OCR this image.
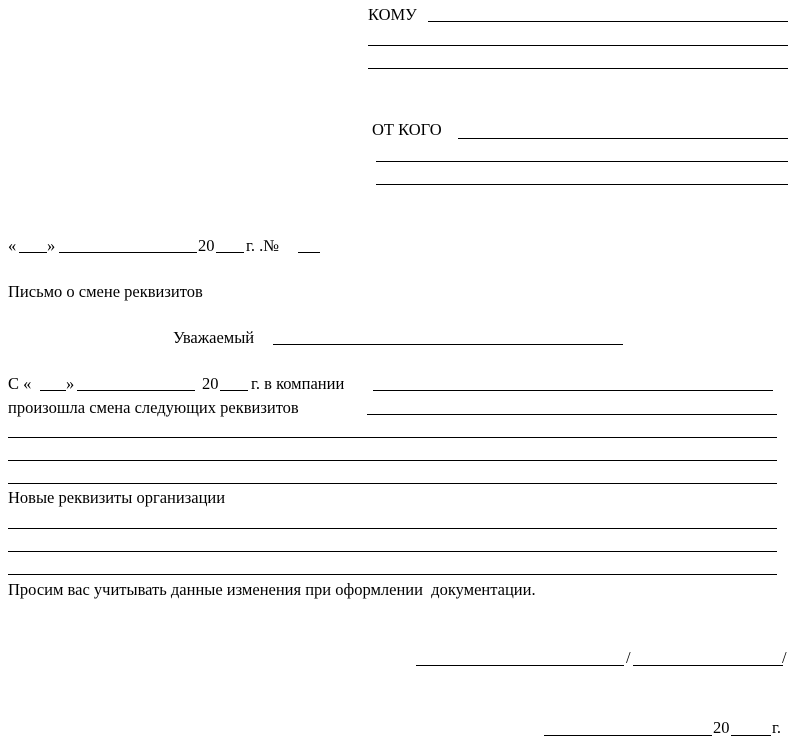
КОМУ
ОТ КОГО
« »	20 г. .№
Письмо о смене реквизитов
Уважаемый
С « »	20 г. в компании
произошла смена следующих реквизитов
Новые реквизиты организации
Просим вас учитывать данные изменения при оформлении  документации.
/	/
20	г.
